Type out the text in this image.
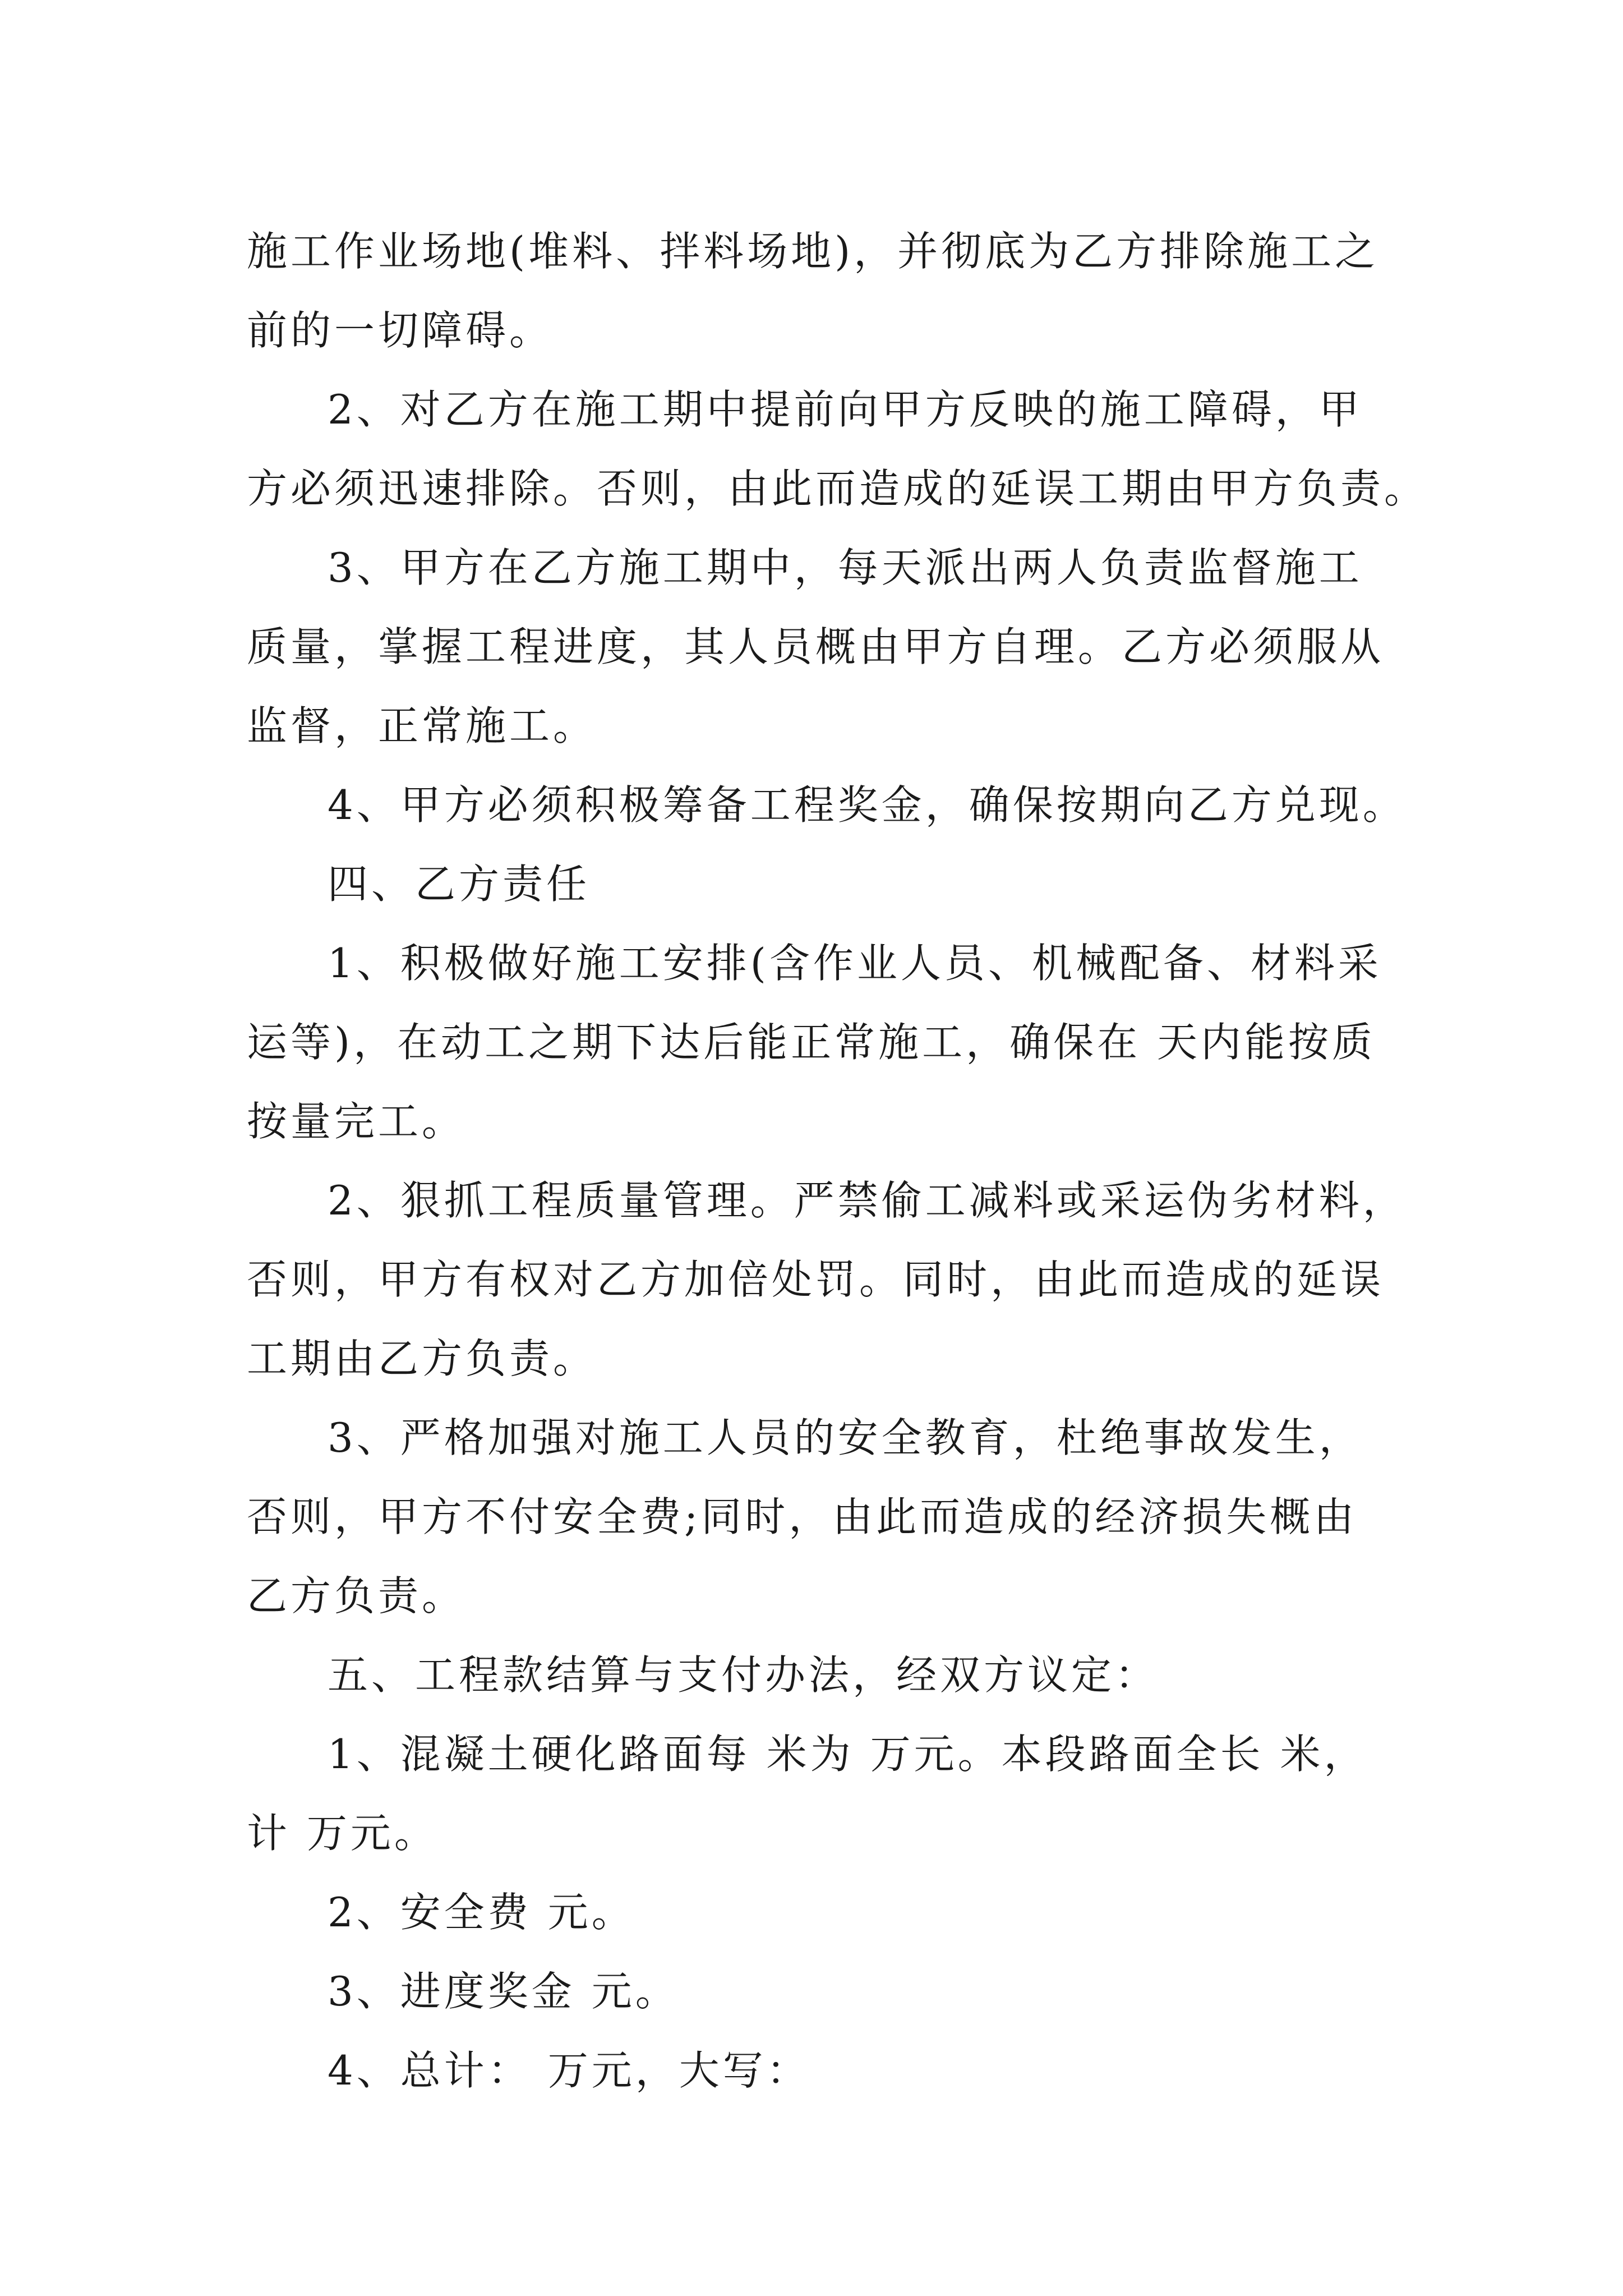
施工作业场地(堆料、拌料场地)，并彻底为乙方排除施工之
前的一切障碍。

2、对乙方在施工期中提前向甲方反映的施工障碍，甲
方必须迅速排除。否则，由此而造成的延误工期由甲方负责。

3、甲方在乙方施工期中，每天派出两人负责监督施工
质量，掌握工程进度，其人员概由甲方自理。乙方必须服从
监督，正常施工。

4、甲方必须积极筹备工程奖金，确保按期向乙方兑现。

四、乙方责任

1、积极做好施工安排(含作业人员、机械配备、材料采
运等)，在动工之期下达后能正常施工，确保在 天内能按质
按量完工。

2、狠抓工程质量管理。严禁偷工减料或采运伪劣材料，
否则，甲方有权对乙方加倍处罚。同时，由此而造成的延误
工期由乙方负责。

3、严格加强对施工人员的安全教育，杜绝事故发生，
否则，甲方不付安全费;同时，由此而造成的经济损失概由
乙方负责。

五、工程款结算与支付办法，经双方议定：

1、混凝土硬化路面每 米为 万元。本段路面全长 米，
计 万元。

2、安全费 元。

3、进度奖金 元。

4、总计： 万元，大写：
